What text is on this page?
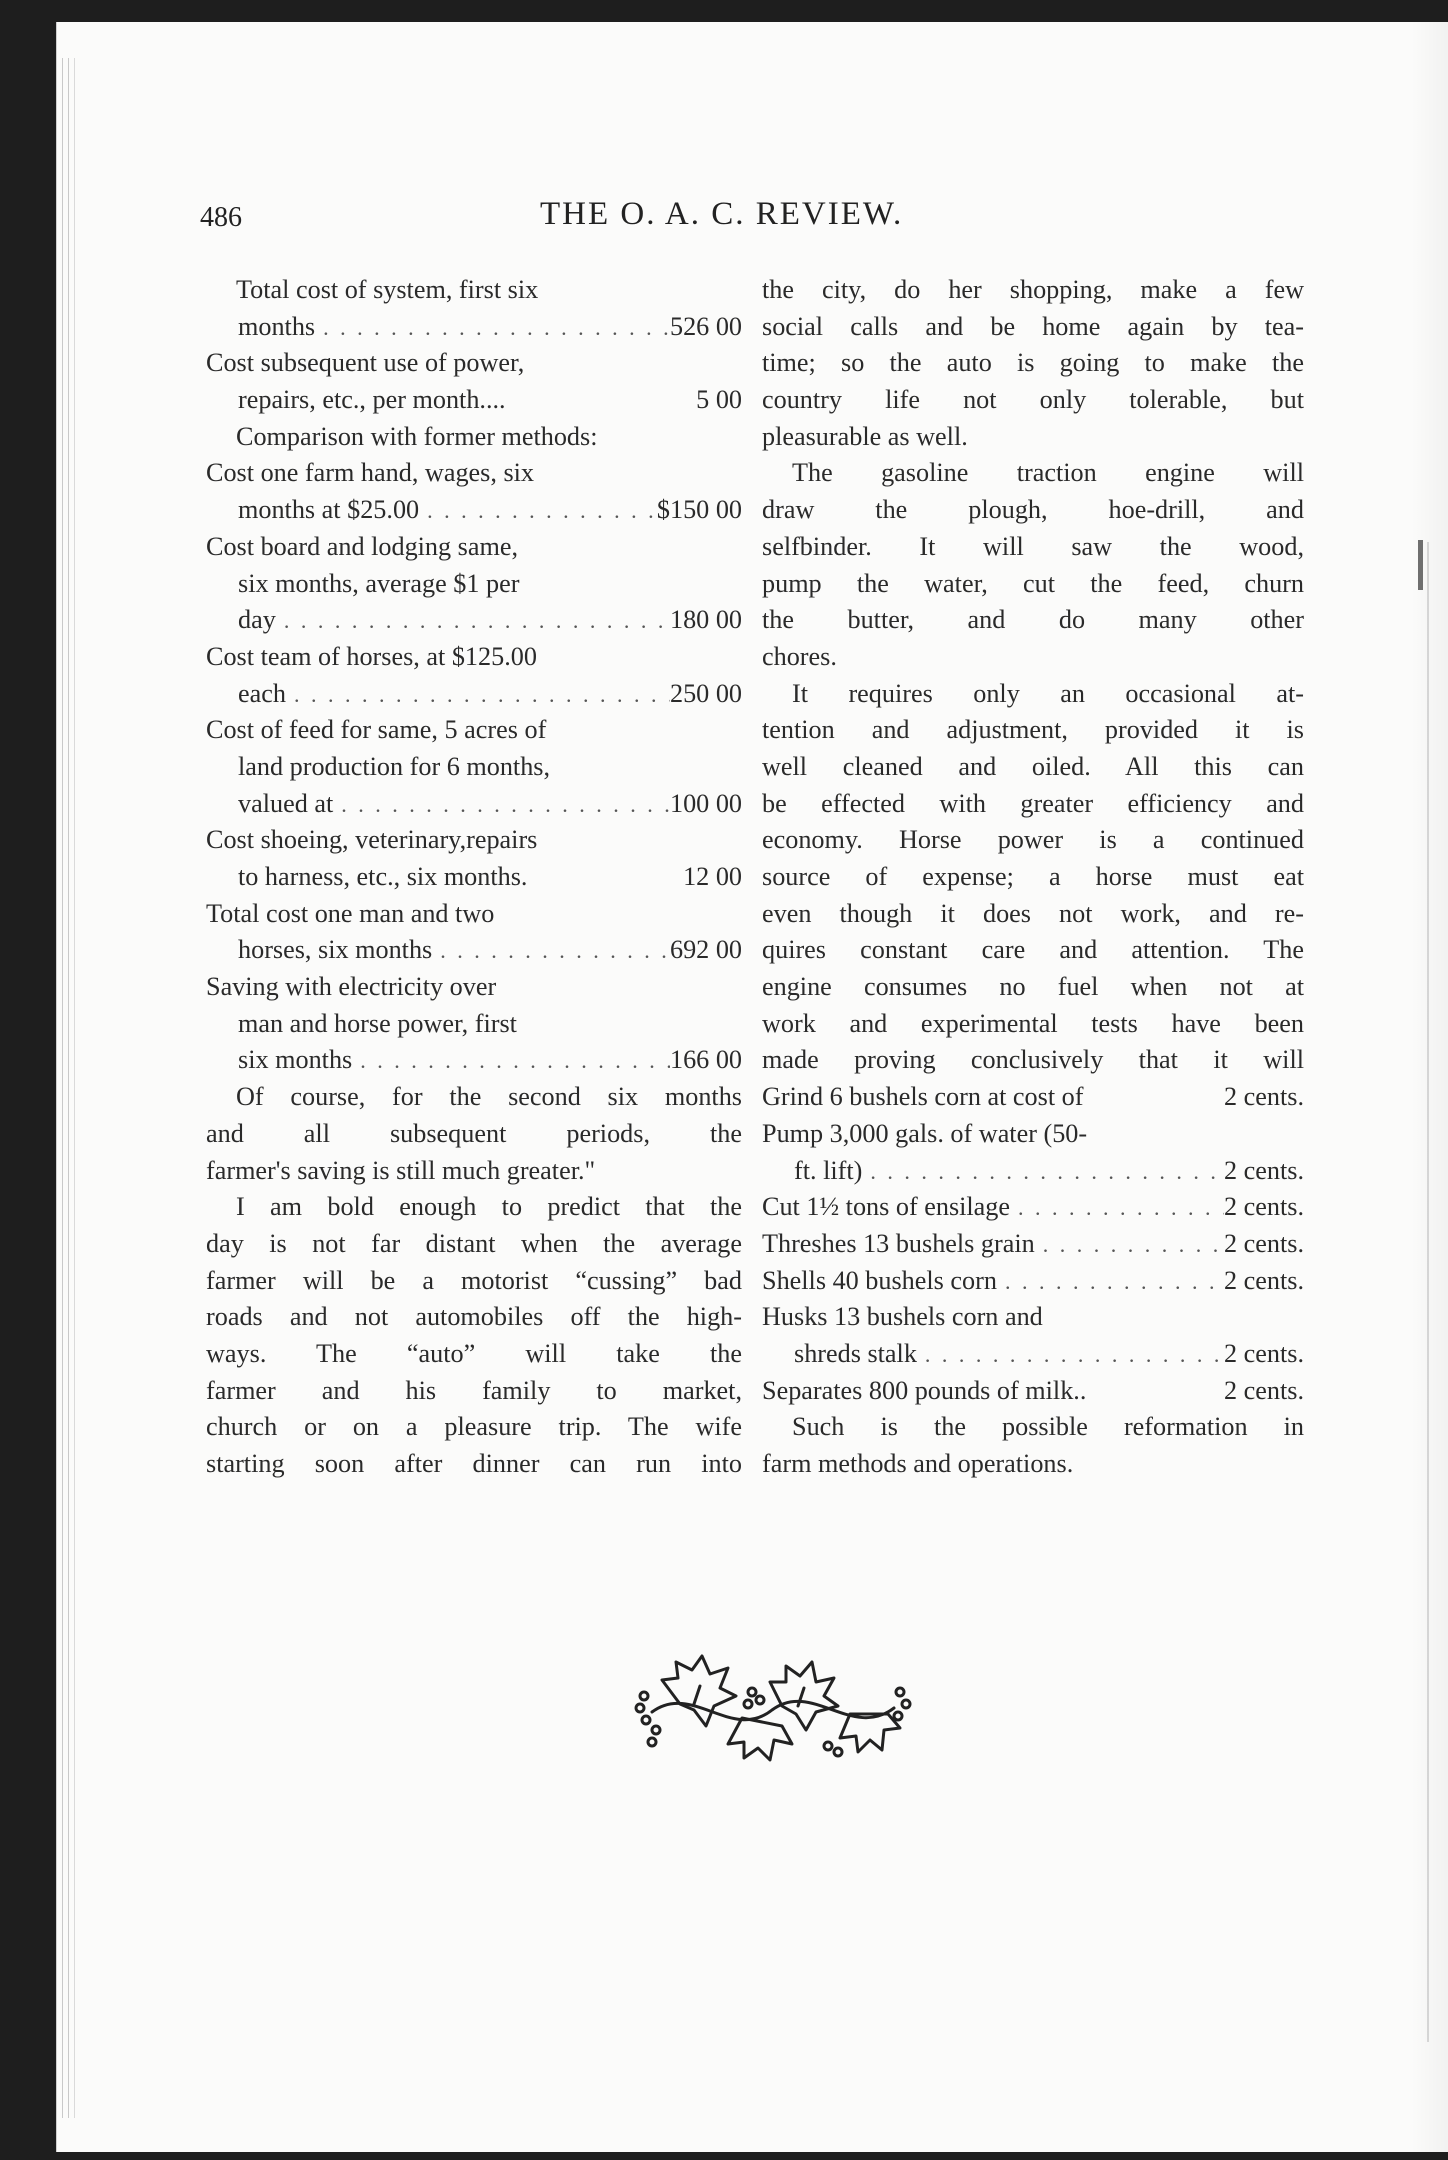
486	THE O. A. C. REVIEW.
Total cost of system, first six
months . . .	526 00
Cost subsequent use of power,
repairs, etc., per month....	5 00
Comparison with former methods:
Cost one farm hand, wages, six
months at $25.00 . . .	$150 00
Cost board and lodging same,
six months, average $1 per
day . . .	180 00
Cost team of horses, at $125.00
each . . .	250 00
Cost of feed for same, 5 acres of
land production for 6 months,
valued at . . .	100 00
Cost shoeing, veterinary,repairs
to harness, etc., six months.	12 00
Total cost one man and two
horses, six months . . .	692 00
Saving with electricity over
man and horse power, first
six months . . .	166 00
Of course, for the second six months
and all subsequent periods, the
farmer's saving is still much greater."
I am bold enough to predict that the
day is not far distant when the average
farmer will be a motorist “cussing” bad
roads and not automobiles off the high-
ways. The “auto” will take the
farmer and his family to market,
church or on a pleasure trip. The wife
starting soon after dinner can run into
the city, do her shopping, make a few
social calls and be home again by tea-
time; so the auto is going to make the
country life not only tolerable, but
pleasurable as well.
The gasoline traction engine will
draw the plough, hoe-drill, and
selfbinder. It will saw the wood,
pump the water, cut the feed, churn
the butter, and do many other
chores.
It requires only an occasional at-
tention and adjustment, provided it is
well cleaned and oiled. All this can
be effected with greater efficiency and
economy. Horse power is a continued
source of expense; a horse must eat
even though it does not work, and re-
quires constant care and attention. The
engine consumes no fuel when not at
work and experimental tests have been
made proving conclusively that it will
Grind 6 bushels corn at cost of	2 cents.
Pump 3,000 gals. of water (50-
ft. lift) . . .	2 cents.
Cut 1½ tons of ensilage . . .	2 cents.
Threshes 13 bushels grain . . .	2 cents.
Shells 40 bushels corn . . .	2 cents.
Husks 13 bushels corn and
shreds stalk . . .	2 cents.
Separates 800 pounds of milk..	2 cents.
Such is the possible reformation in
farm methods and operations.
